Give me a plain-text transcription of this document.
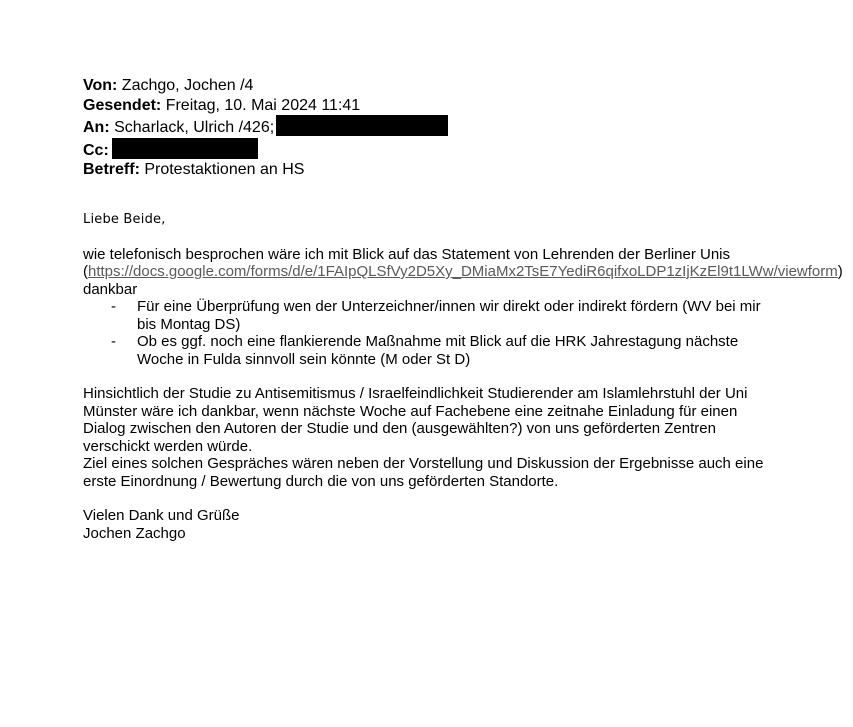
Von: Zachgo, Jochen /4
Gesendet: Freitag, 10. Mai 2024 11:41
An: Scharlack, Ulrich /426;
Cc:
Betreff: Protestaktionen an HS
Liebe Beide,
wie telefonisch besprochen wäre ich mit Blick auf das Statement von Lehrenden der Berliner Unis (https://docs.google.com/forms/d/e/1FAIpQLSfVy2D5Xy_DMiaMx2TsE7YediR6qifxoLDP1zIjKzEl9t1LWw/viewform) dankbar
- Für eine Überprüfung wen der Unterzeichner/innen wir direkt oder indirekt fördern (WV bei mir bis Montag DS)
- Ob es ggf. noch eine flankierende Maßnahme mit Blick auf die HRK Jahrestagung nächste Woche in Fulda sinnvoll sein könnte (M oder St D)
Hinsichtlich der Studie zu Antisemitismus / Israelfeindlichkeit Studierender am Islamlehrstuhl der Uni Münster wäre ich dankbar, wenn nächste Woche auf Fachebene eine zeitnahe Einladung für einen Dialog zwischen den Autoren der Studie und den (ausgewählten?) von uns geförderten Zentren verschickt werden würde.
Ziel eines solchen Gespräches wären neben der Vorstellung und Diskussion der Ergebnisse auch eine erste Einordnung / Bewertung durch die von uns geförderten Standorte.
Vielen Dank und Grüße
Jochen Zachgo
